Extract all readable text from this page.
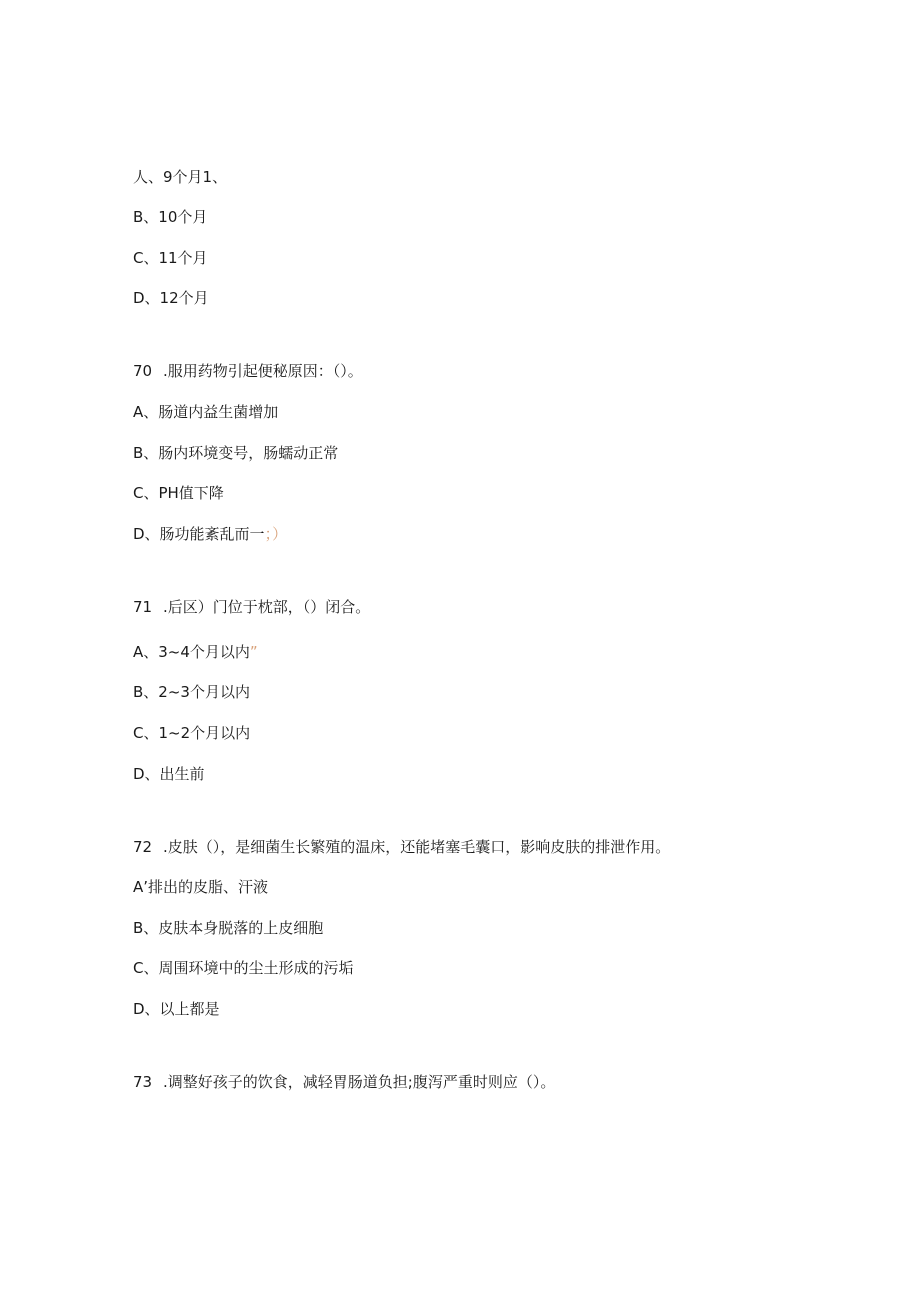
人、9个月1、
B、10个月
C、11个月
D、12个月
70 .服用药物引起便秘原因：（）。
A、肠道内益生菌增加
B、肠内环境变号，肠蠕动正常
C、PH值下降
D、肠功能紊乱而一；）
71 .后区）门位于枕部，（）闭合。
A、3~4个月以内”
B、2~3个月以内
C、1~2个月以内
D、出生前
72 .皮肤（），是细菌生长繁殖的温床，还能堵塞毛囊口，影响皮肤的排泄作用。
A’排出的皮脂、汗液
B、皮肤本身脱落的上皮细胞
C、周围环境中的尘土形成的污垢
D、以上都是
73 .调整好孩子的饮食，减轻胃肠道负担;腹泻严重时则应（）。
